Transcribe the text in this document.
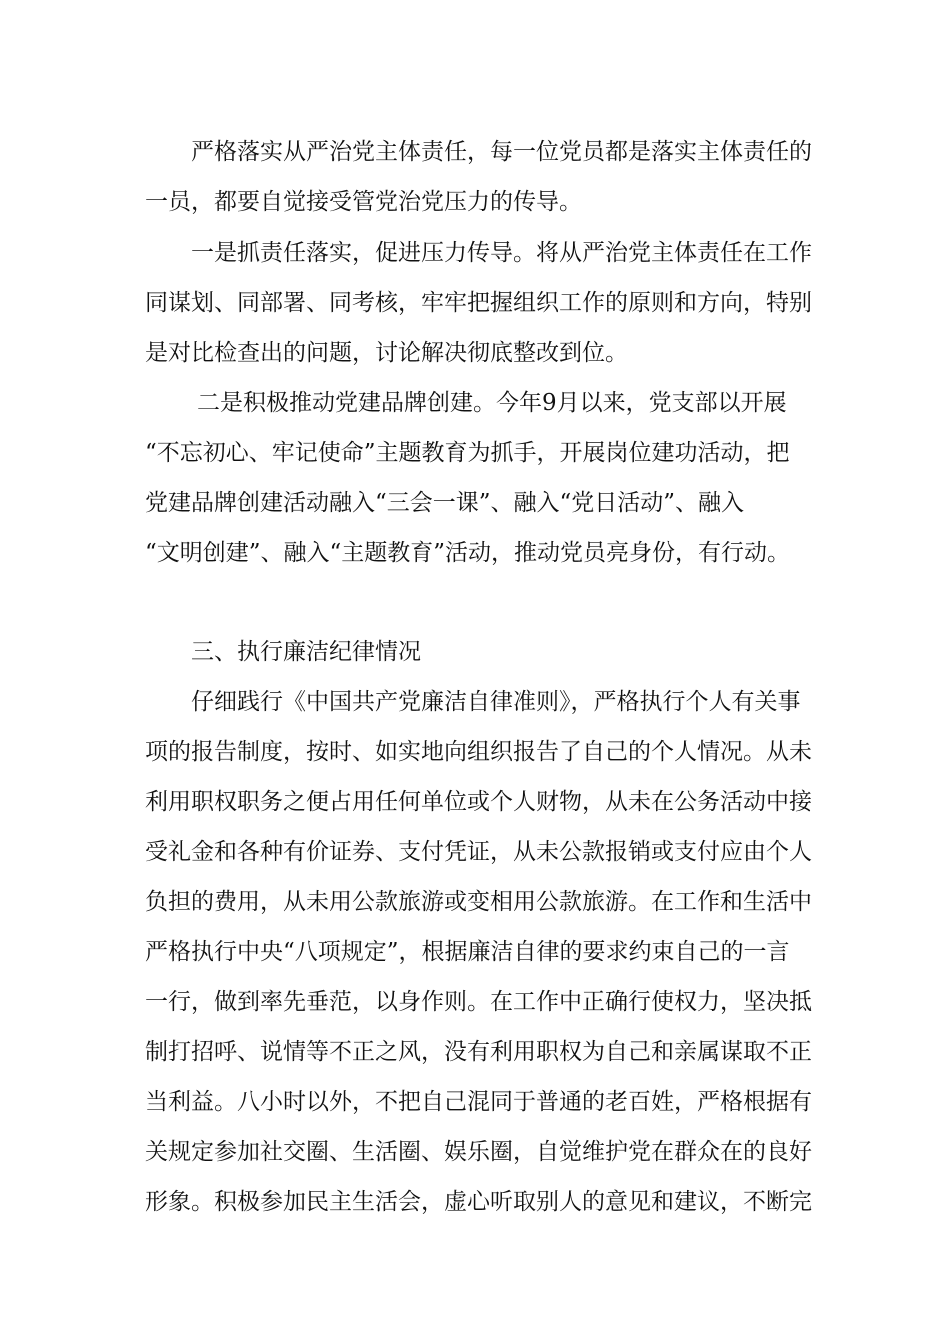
严格落实从严治党主体责任，每一位党员都是落实主体责任的
一员，都要自觉接受管党治党压力的传导。
一是抓责任落实，促进压力传导。将从严治党主体责任在工作
同谋划、同部署、同考核，牢牢把握组织工作的原则和方向，特别
是对比检查出的问题，讨论解决彻底整改到位。
二是积极推动党建品牌创建。今年9月以来，党支部以开展
“不忘初心、牢记使命”主题教育为抓手，开展岗位建功活动，把
党建品牌创建活动融入“三会一课”、融入“党日活动”、融入
“文明创建”、融入“主题教育”活动，推动党员亮身份，有行动。
三、执行廉洁纪律情况
仔细践行《中国共产党廉洁自律准则》，严格执行个人有关事
项的报告制度，按时、如实地向组织报告了自己的个人情况。从未
利用职权职务之便占用任何单位或个人财物，从未在公务活动中接
受礼金和各种有价证券、支付凭证，从未公款报销或支付应由个人
负担的费用，从未用公款旅游或变相用公款旅游。在工作和生活中
严格执行中央“八项规定”，根据廉洁自律的要求约束自己的一言
一行，做到率先垂范，以身作则。在工作中正确行使权力，坚决抵
制打招呼、说情等不正之风，没有利用职权为自己和亲属谋取不正
当利益。八小时以外，不把自己混同于普通的老百姓，严格根据有
关规定参加社交圈、生活圈、娱乐圈，自觉维护党在群众在的良好
形象。积极参加民主生活会，虚心听取别人的意见和建议，不断完
